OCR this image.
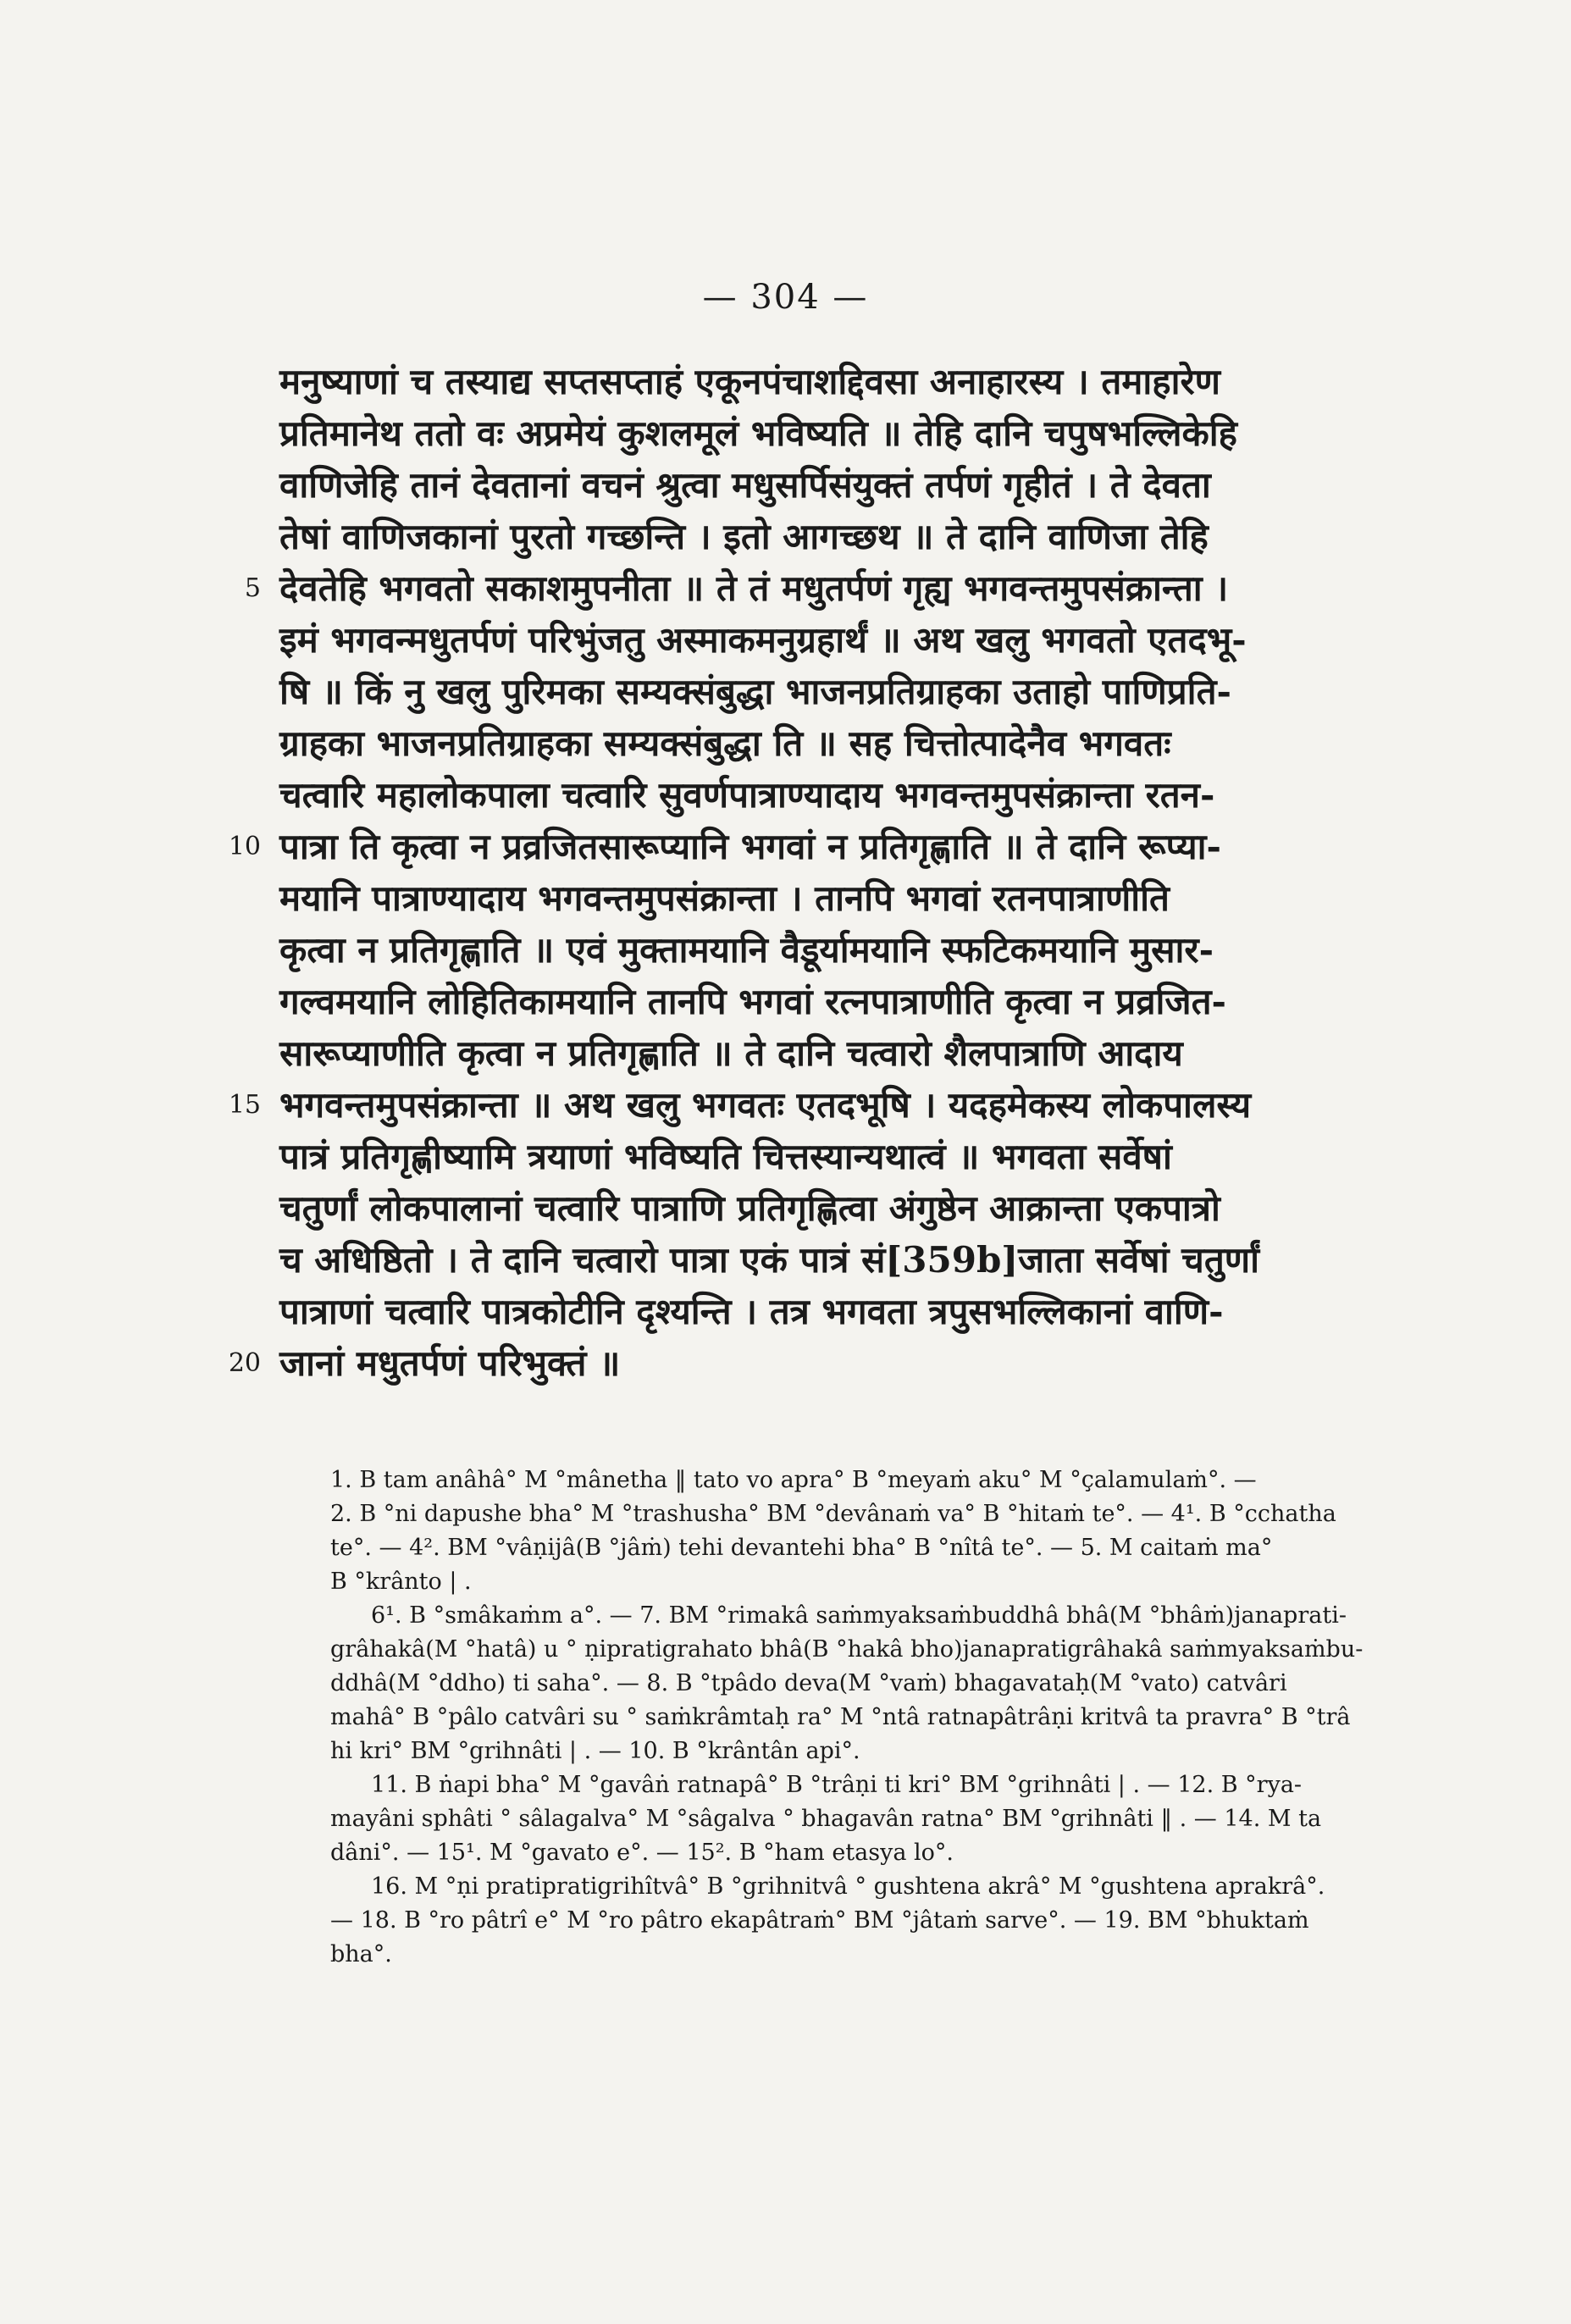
— 304 —
मनुष्याणां च तस्याद्य सप्तसप्ताहं एकूनपंचाशद्दिवसा अनाहारस्य । तमाहारेण
प्रतिमानेथ ततो वः अप्रमेयं कुशलमूलं भविष्यति ॥ तेहि दानि चपुषभल्लिकेहि
वाणिजेहि तानं देवतानां वचनं श्रुत्वा मधुसर्पिसंयुक्तं तर्पणं गृहीतं । ते देवता
तेषां वाणिजकानां पुरतो गच्छन्ति । इतो आगच्छथ ॥ ते दानि वाणिजा तेहि
5 देवतेहि भगवतो सकाशमुपनीता ॥ ते तं मधुतर्पणं गृह्य भगवन्तमुपसंक्रान्ता ।
इमं भगवन्मधुतर्पणं परिभुंजतु अस्माकमनुग्रहार्थं ॥ अथ खलु भगवतो एतदभू-
षि ॥ किं नु खलु पुरिमका सम्यक्संबुद्धा भाजनप्रतिग्राहका उताहो पाणिप्रति-
ग्राहका भाजनप्रतिग्राहका सम्यक्संबुद्धा ति ॥ सह चित्तोत्पादेनैव भगवतः
चत्वारि महालोकपाला चत्वारि सुवर्णपात्राण्यादाय भगवन्तमुपसंक्रान्ता रतन-
10 पात्रा ति कृत्वा न प्रव्रजितसारूप्यानि भगवां न प्रतिगृह्णाति ॥ ते दानि रूप्या-
मयानि पात्राण्यादाय भगवन्तमुपसंक्रान्ता । तानपि भगवां रतनपात्राणीति
कृत्वा न प्रतिगृह्णाति ॥ एवं मुक्तामयानि वैडूर्यामयानि स्फटिकमयानि मुसार-
गल्वमयानि लोहितिकामयानि तानपि भगवां रत्नपात्राणीति कृत्वा न प्रव्रजित-
सारूप्याणीति कृत्वा न प्रतिगृह्णाति ॥ ते दानि चत्वारो शैलपात्राणि आदाय
15 भगवन्तमुपसंक्रान्ता ॥ अथ खलु भगवतः एतदभूषि । यदहमेकस्य लोकपालस्य
पात्रं प्रतिगृह्णीष्यामि त्रयाणां भविष्यति चित्तस्यान्यथात्वं ॥ भगवता सर्वेषां
चतुर्णां लोकपालानां चत्वारि पात्राणि प्रतिगृह्णित्वा अंगुष्ठेन आक्रान्ता एकपात्रो
च अधिष्ठितो । ते दानि चत्वारो पात्रा एकं पात्रं सं[359b]जाता सर्वेषां चतुर्णां
पात्राणां चत्वारि पात्रकोटीनि दृश्यन्ति । तत्र भगवता त्रपुसभल्लिकानां वाणि-
20 जानां मधुतर्पणं परिभुक्तं ॥
1. B tam anâhâ° M °mânetha ‖ tato vo apra° B °meyaṁ aku° M °çalamulaṁ°. —
2. B °ni dapushe bha° M °trashusha° BM °devânaṁ va° B °hitaṁ te°. — 4¹. B °cchatha
te°. — 4². BM °vâṇijâ(B °jâṁ) tehi devantehi bha° B °nîtâ te°. — 5. M caitaṁ ma°
B °krânto | .
6¹. B °smâkaṁm a°. — 7. BM °rimakâ saṁmyaksaṁbuddhâ bhâ(M °bhâṁ)janaprati-
grâhakâ(M °hatâ) u ° ṇipratigrahato bhâ(B °hakâ bho)janapratigrâhakâ saṁmyaksaṁbu-
ddhâ(M °ddho) ti saha°. — 8. B °tpâdo deva(M °vaṁ) bhagavataḥ(M °vato) catvâri
mahâ° B °pâlo catvâri su ° saṁkrâmtaḥ ra° M °ntâ ratnapâtrâṇi kritvâ ta pravra° B °trâ
hi kri° BM °grihnâti | . — 10. B °krântân api°.
11. B ṅapi bha° M °gavâṅ ratnapâ° B °trâṇi ti kri° BM °grihnâti | . — 12. B °rya-
mayâni sphâti ° sâlagalva° M °sâgalva ° bhagavân ratna° BM °grihnâti ‖ . — 14. M ta
dâni°. — 15¹. M °gavato e°. — 15². B °ham etasya lo°.
16. M °ṇi pratipratigrihîtvâ° B °grihnitvâ ° gushtena akrâ° M °gushtena aprakrâ°.
— 18. B °ro pâtrî e° M °ro pâtro ekapâtraṁ° BM °jâtaṁ sarve°. — 19. BM °bhuktaṁ
bha°.
